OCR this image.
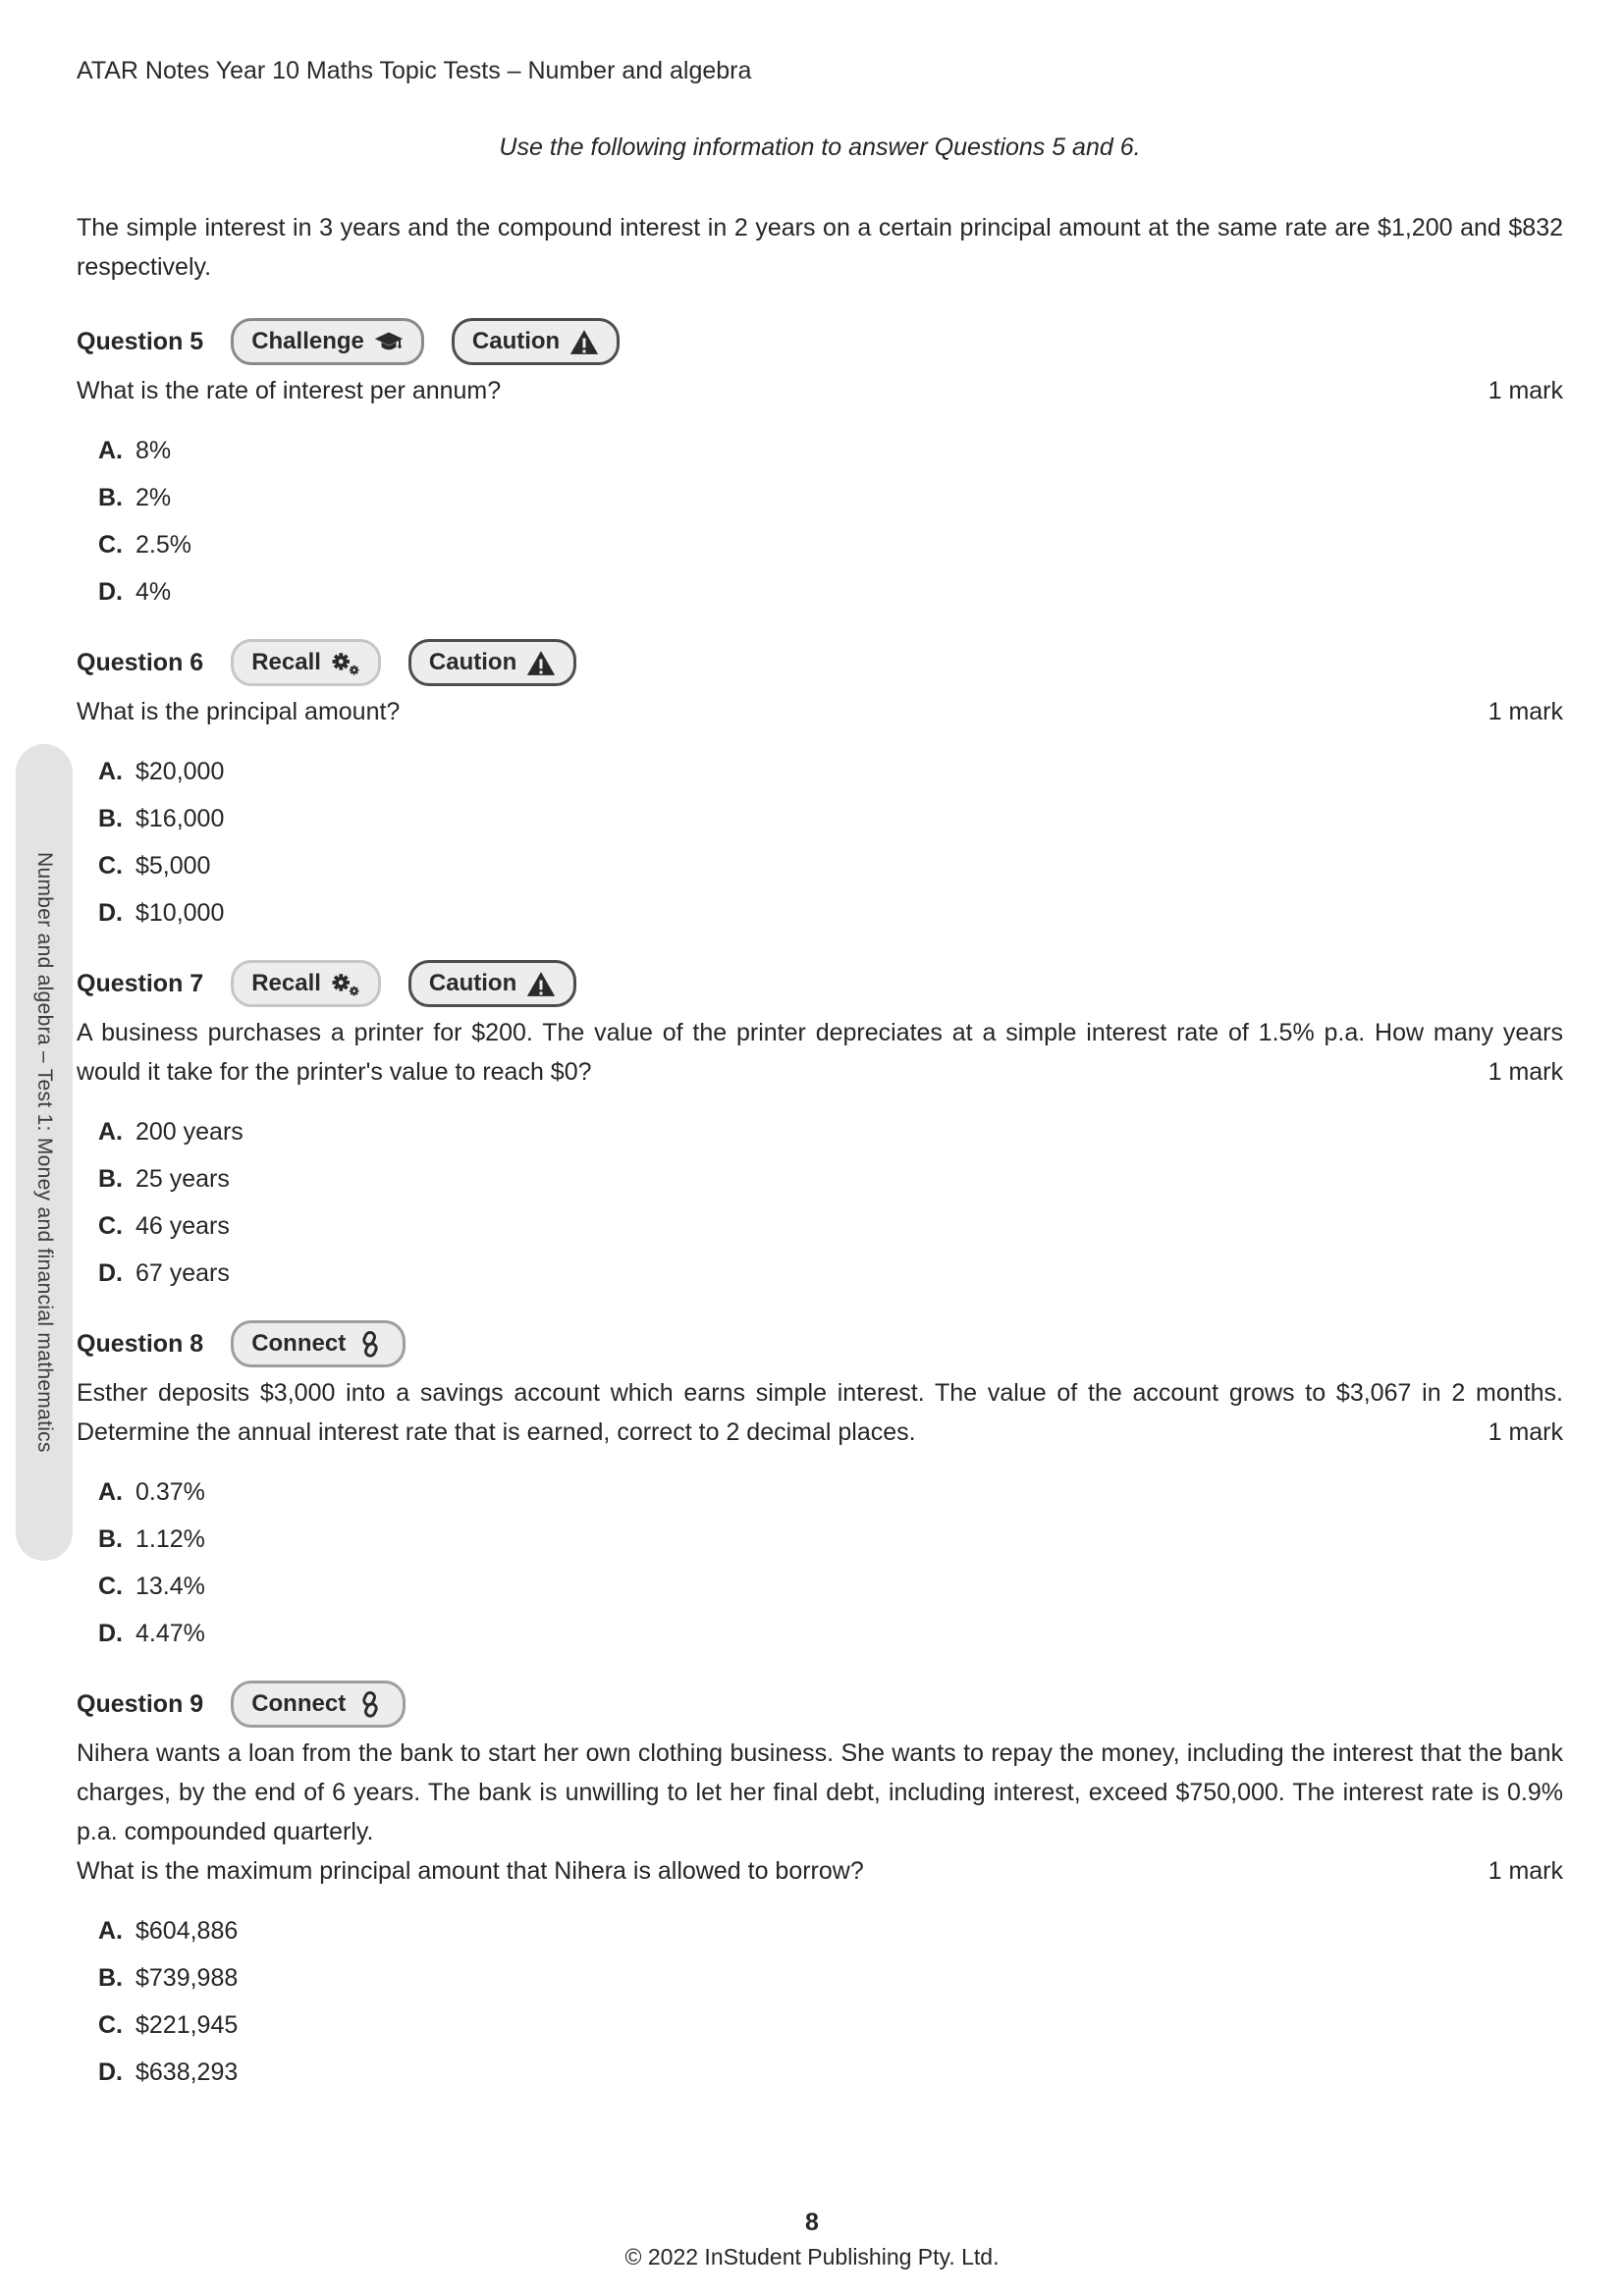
Number and algebra – Test 1: Money and financial mathematics
ATAR Notes Year 10 Maths Topic Tests – Number and algebra

Use the following information to answer Questions 5 and 6.

The simple interest in 3 years and the compound interest in 2 years on a certain principal amount at the same rate are $1,200 and $832 respectively.

Question 5 Challenge	Caution

What is the rate of interest per annum?	1 mark
A. 8%
B. 2%
C. 2.5%
D. 4%
Question 6 Recall	Caution

What is the principal amount?	1 mark
A. $20,000
B. $16,000
C. $5,000
D. $10,000
Question 7 Recall	Caution

A business purchases a printer for $200. The value of the printer depreciates at a simple interest rate of 1.5% p.a. How many years would it take for the printer's value to reach $0?	1 mark
A. 200 years
B. 25 years
C. 46 years
D. 67 years
Question 8 Connect

Esther deposits $3,000 into a savings account which earns simple interest. The value of the account grows to $3,067 in 2 months. Determine the annual interest rate that is earned, correct to 2 decimal places.	1 mark
A. 0.37%
B. 1.12%
C. 13.4%
D. 4.47%
Question 9 Connect

Nihera wants a loan from the bank to start her own clothing business. She wants to repay the money, including the interest that the bank charges, by the end of 6 years. The bank is unwilling to let her final debt, including interest, exceed $750,000. The interest rate is 0.9% p.a. compounded quarterly.

What is the maximum principal amount that Nihera is allowed to borrow?	1 mark
A. $604,886
B. $739,988
C. $221,945
D. $638,293
8
© 2022 InStudent Publishing Pty. Ltd.
